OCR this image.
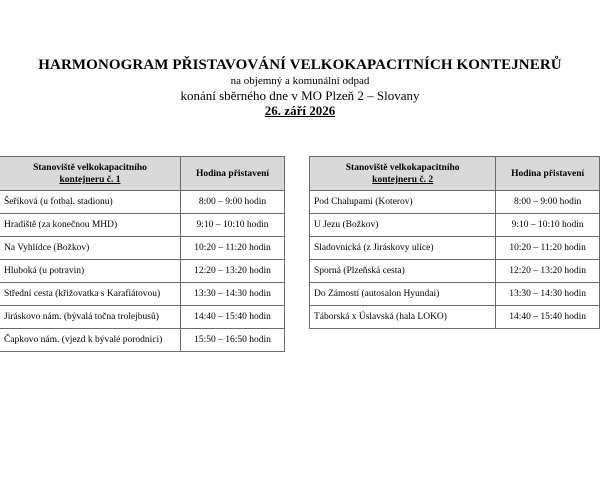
HARMONOGRAM PŘISTAVOVÁNÍ VELKOKAPACITNÍCH KONTEJNERŮ
na objemný a komunální odpad
konání sběrného dne v MO Plzeň 2 – Slovany
26. září 2026
Stanoviště velkokapacitního
kontejneru č. 1	Hodina přistavení
Šeříková (u fotbal. stadionu)	8:00 – 9:00 hodin
Hradiště (za konečnou MHD)	9:10 – 10:10 hodin
Na Vyhlídce (Božkov)	10:20 – 11:20 hodin
Hluboká (u potravin)	12:20 – 13:20 hodin
Střední cesta (křižovatka s Karafiátovou)	13:30 – 14:30 hodin
Jiráskovo nám. (bývalá točna trolejbusů)	14:40 – 15:40 hodin
Čapkovo nám. (vjezd k bývalé porodnici)	15:50 – 16:50 hodin
Stanoviště velkokapacitního
kontejneru č. 2	Hodina přistavení
Pod Chalupami (Koterov)	8:00 – 9:00 hodin
U Jezu (Božkov)	9:10 – 10:10 hodin
Sladovnická (z Jiráskovy ulice)	10:20 – 11:20 hodin
Sporná (Plzeňská cesta)	12:20 – 13:20 hodin
Do Zámostí (autosalon Hyundai)	13:30 – 14:30 hodin
Táborská x Úslavská (hala LOKO)	14:40 – 15:40 hodin
